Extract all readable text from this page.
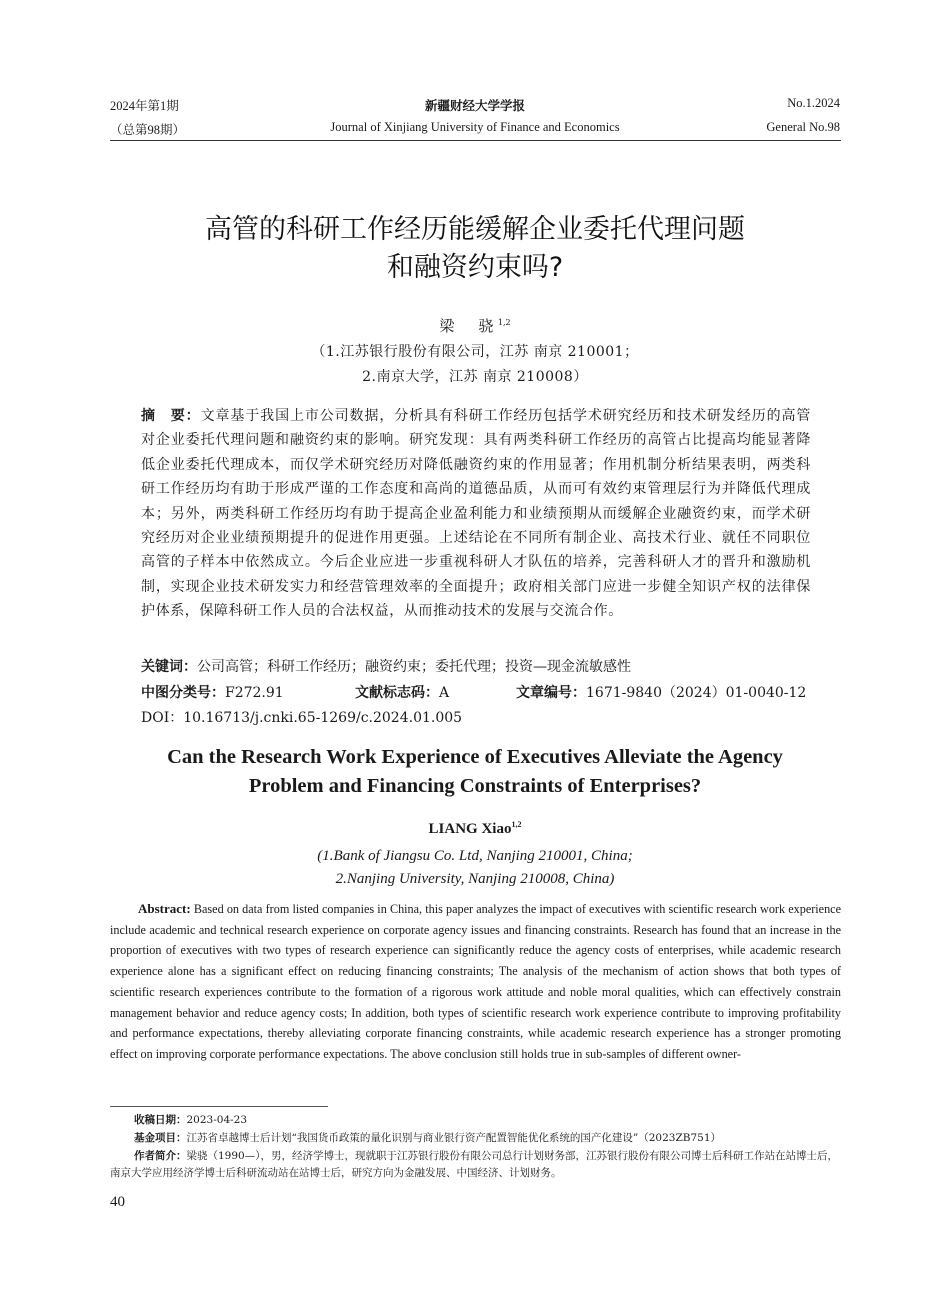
2024年第1期
（总第98期）
新疆财经大学学报
Journal of Xinjiang University of Finance and Economics
No.1.2024
General No.98
高管的科研工作经历能缓解企业委托代理问题
和融资约束吗?
梁　骁$^{1,2}$
（1.江苏银行股份有限公司，江苏 南京 210001；
2.南京大学，江苏 南京 210008）
摘　要：文章基于我国上市公司数据，分析具有科研工作经历包括学术研究经历和技术研发经历的高管对企业委托代理问题和融资约束的影响。研究发现：具有两类科研工作经历的高管占比提高均能显著降低企业委托代理成本，而仅学术研究经历对降低融资约束的作用显著；作用机制分析结果表明，两类科研工作经历均有助于形成严谨的工作态度和高尚的道德品质，从而可有效约束管理层行为并降低代理成本；另外，两类科研工作经历均有助于提高企业盈利能力和业绩预期从而缓解企业融资约束，而学术研究经历对企业业绩预期提升的促进作用更强。上述结论在不同所有制企业、高技术行业、就任不同职位高管的子样本中依然成立。今后企业应进一步重视科研人才队伍的培养，完善科研人才的晋升和激励机制，实现企业技术研发实力和经营管理效率的全面提升；政府相关部门应进一步健全知识产权的法律保护体系，保障科研工作人员的合法权益，从而推动技术的发展与交流合作。
关键词：公司高管；科研工作经历；融资约束；委托代理；投资—现金流敏感性
中图分类号：F272.91	文献标志码：A	文章编号：1671-9840（2024）01-0040-12
DOI：10.16713/j.cnki.65-1269/c.2024.01.005
Can the Research Work Experience of Executives Alleviate the Agency
Problem and Financing Constraints of Enterprises?
LIANG Xiao$^{1,2}$
(1.Bank of Jiangsu Co. Ltd, Nanjing 210001, China;
2.Nanjing University, Nanjing 210008, China)
Abstract: Based on data from listed companies in China, this paper analyzes the impact of executives with scientific research work experience include academic and technical research experience on corporate agency issues and financing constraints. Research has found that an increase in the proportion of executives with two types of research experience can significantly reduce the agency costs of enterprises, while academic research experience alone has a significant effect on reducing financing constraints; The analysis of the mechanism of action shows that both types of scientific research experiences contribute to the formation of a rigorous work attitude and noble moral qualities, which can effectively constrain management behavior and reduce agency costs; In addition, both types of scientific research work experience contribute to improving profitability and performance expectations, thereby alleviating corporate financing constraints, while academic research experience has a stronger promoting effect on improving corporate performance expectations. The above conclusion still holds true in sub-samples of different owner-
收稿日期：2023-04-23
基金项目：江苏省卓越博士后计划“我国货币政策的量化识别与商业银行资产配置智能优化系统的国产化建设”（2023ZB751）
作者简介：梁骁（1990—），男，经济学博士，现就职于江苏银行股份有限公司总行计划财务部，江苏银行股份有限公司博士后科研工作站在站博士后，南京大学应用经济学博士后科研流动站在站博士后，研究方向为金融发展、中国经济、计划财务。
40
